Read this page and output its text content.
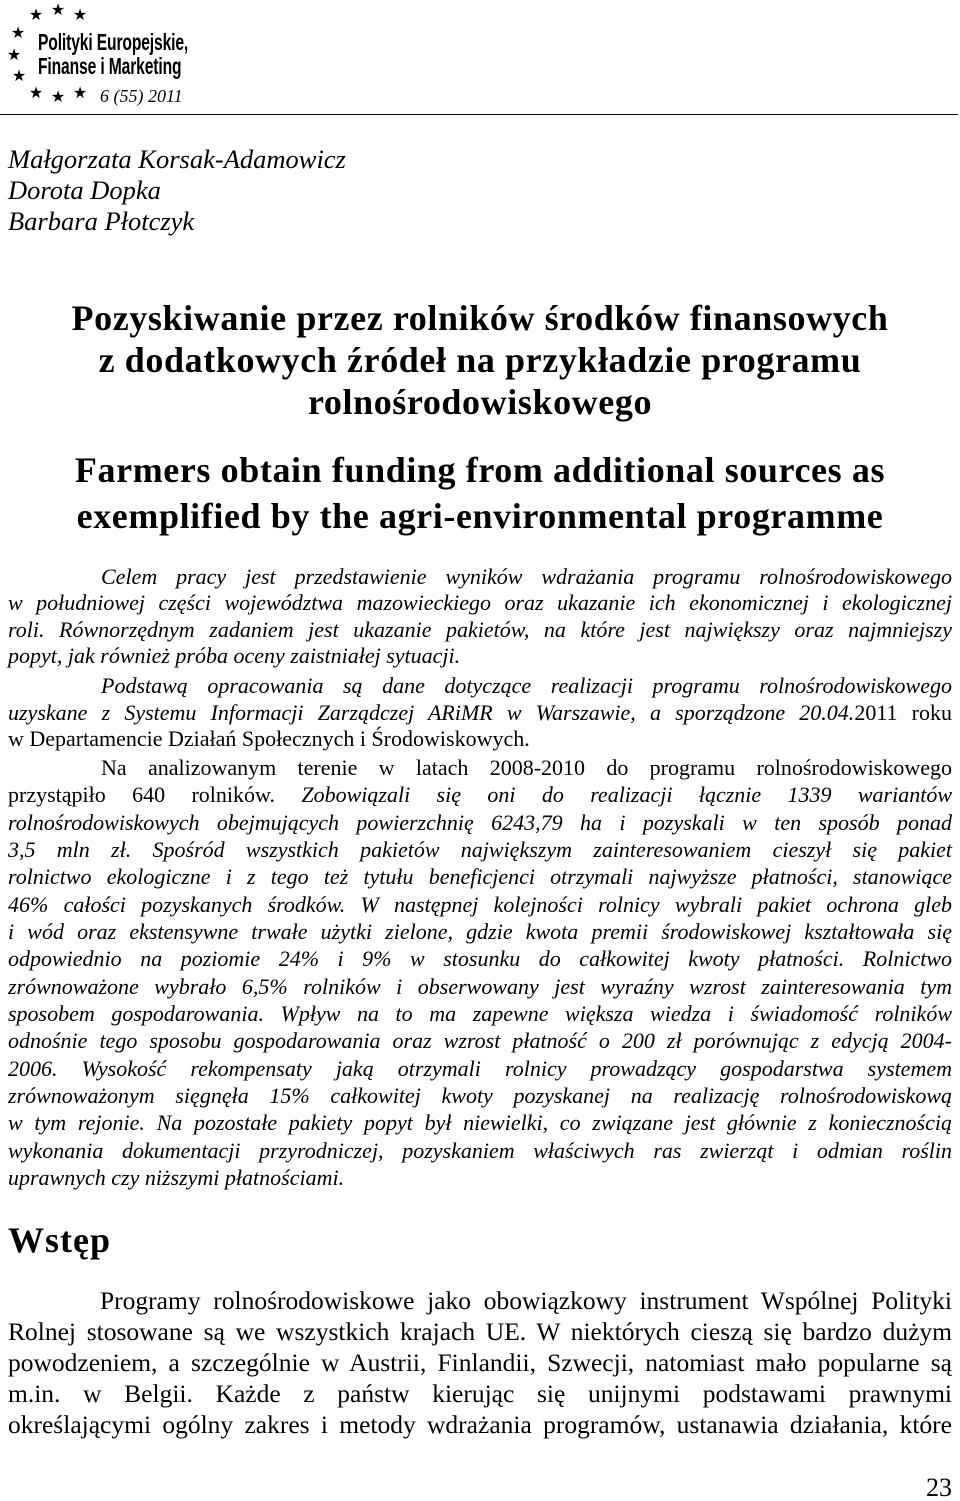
★ ★
★
★
★
★
★ ★ ★
Polityki Europejskie,
Finanse i Marketing
6 (55) 2011
Małgorzata Korsak-Adamowicz
Dorota Dopka
Barbara Płotczyk
Pozyskiwanie przez rolników środków finansowych
z dodatkowych źródeł na przykładzie programu
rolnośrodowiskowego
Farmers obtain funding from additional sources as
exemplified by the agri-environmental programme
Celem pracy jest przedstawienie wyników wdrażania programu rolnośrodowiskowego
w południowej części województwa mazowieckiego oraz ukazanie ich ekonomicznej i ekologicznej
roli. Równorzędnym zadaniem jest ukazanie pakietów, na które jest największy oraz najmniejszy
popyt, jak również próba oceny zaistniałej sytuacji.
Podstawą opracowania są dane dotyczące realizacji programu rolnośrodowiskowego
uzyskane z Systemu Informacji Zarządczej ARiMR w Warszawie, a sporządzone 20.04.2011 roku
w Departamencie Działań Społecznych i Środowiskowych.
Na analizowanym terenie w latach 2008-2010 do programu rolnośrodowiskowego
przystąpiło 640 rolników. Zobowiązali się oni do realizacji łącznie 1339 wariantów
rolnośrodowiskowych obejmujących powierzchnię 6243,79 ha i pozyskali w ten sposób ponad
3,5 mln zł. Spośród wszystkich pakietów największym zainteresowaniem cieszył się pakiet
rolnictwo ekologiczne i z tego też tytułu beneficjenci otrzymali najwyższe płatności, stanowiące
46% całości pozyskanych środków. W następnej kolejności rolnicy wybrali pakiet ochrona gleb
i wód oraz ekstensywne trwałe użytki zielone, gdzie kwota premii środowiskowej kształtowała się
odpowiednio na poziomie 24% i 9% w stosunku do całkowitej kwoty płatności. Rolnictwo
zrównoważone wybrało 6,5% rolników i obserwowany jest wyraźny wzrost zainteresowania tym
sposobem gospodarowania. Wpływ na to ma zapewne większa wiedza i świadomość rolników
odnośnie tego sposobu gospodarowania oraz wzrost płatność o 200 zł porównując z edycją 2004-
2006. Wysokość rekompensaty jaką otrzymali rolnicy prowadzący gospodarstwa systemem
zrównoważonym sięgnęła 15% całkowitej kwoty pozyskanej na realizację rolnośrodowiskową
w tym rejonie. Na pozostałe pakiety popyt był niewielki, co związane jest głównie z koniecznością
wykonania dokumentacji przyrodniczej, pozyskaniem właściwych ras zwierząt i odmian roślin
uprawnych czy niższymi płatnościami.
Wstęp
Programy rolnośrodowiskowe jako obowiązkowy instrument Wspólnej Polityki
Rolnej stosowane są we wszystkich krajach UE. W niektórych cieszą się bardzo dużym
powodzeniem, a szczególnie w Austrii, Finlandii, Szwecji, natomiast mało popularne są
m.in. w Belgii. Każde z państw kierując się unijnymi podstawami prawnymi
określającymi ogólny zakres i metody wdrażania programów, ustanawia działania, które
23
